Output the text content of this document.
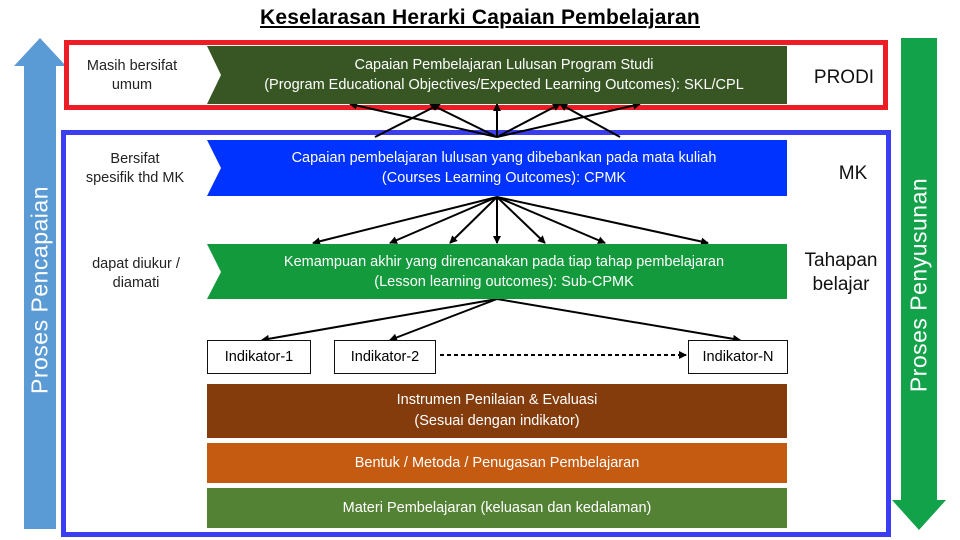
Keselarasan Herarki Capaian Pembelajaran
Proses Pencapaian	Proses Penyusunan
Masih bersifat
umum
Capaian Pembelajaran Lulusan Program Studi
(Program Educational Objectives/Expected Learning Outcomes): SKL/CPL	PRODI
Bersifat
spesifik thd MK
Capaian pembelajaran lulusan yang dibebankan pada mata kuliah
(Courses Learning Outcomes): CPMK	MK
dapat diukur /
diamati
Kemampuan akhir yang direncanakan pada tiap tahap pembelajaran
(Lesson learning outcomes): Sub-CPMK
Tahapan
belajar
Indikator-1	Indikator-2	Indikator-N
Instrumen Penilaian & Evaluasi
(Sesuai dengan indikator)
Bentuk / Metoda / Penugasan Pembelajaran
Materi Pembelajaran (keluasan dan kedalaman)
